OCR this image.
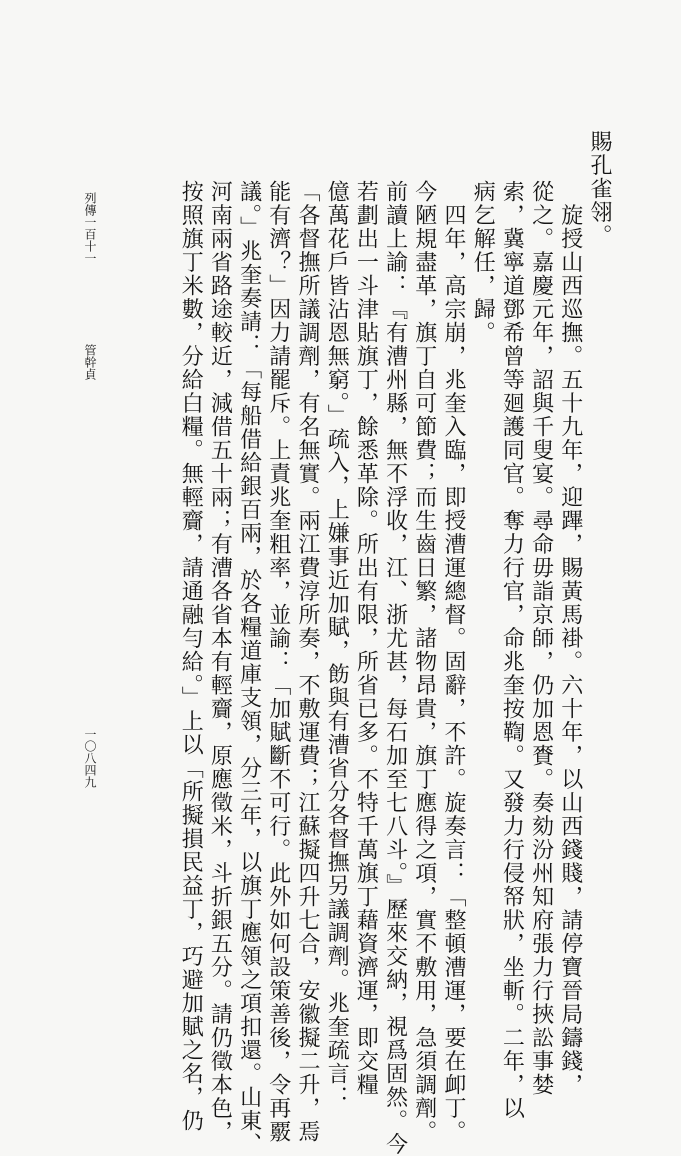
賜孔雀翎。

　旋授山西巡撫。五十九年，迎蹕，賜黃馬褂。六十年，以山西錢賤，請停寶晉局鑄錢，

從之。嘉慶元年，詔與千叟宴。尋命毋詣京師，仍加恩賚。奏劾汾州知府張力行挾訟事婪

索，冀寧道鄧希曾等廻護同官。奪力行官，命兆奎按鞫。又發力行侵帑狀，坐斬。二年，以

病乞解任，歸。

　四年，高宗崩，兆奎入臨，即授漕運總督。固辭，不許。旋奏言：「整頓漕運，要在卹丁。

今陋規盡革，旗丁自可節費；而生齒日繁，諸物昂貴，旗丁應得之項，實不敷用，急須調劑。

前讀上諭：『有漕州縣，無不浮收，江、浙尤甚，每石加至七八斗。』歷來交納，視爲固然。今

若劃出一斗津貼旗丁，餘悉革除。所出有限，所省已多。不特千萬旗丁藉資濟運，即交糧

億萬花戶皆沾恩無窮。」疏入，上嫌事近加賦，飭與有漕省分各督撫另議調劑。兆奎疏言：

「各督撫所議調劑，有名無實。兩江費淳所奏，不敷運費；江蘇擬四升七合，安徽擬二升，焉

能有濟？」因力請罷斥。上責兆奎粗率，並諭：「加賦斷不可行。此外如何設策善後，令再覈

議。」兆奎奏請：「每船借給銀百兩，於各糧道庫支領，分三年，以旗丁應領之項扣還。山東、

河南兩省路途較近，減借五十兩；有漕各省本有輕齎，原應徵米，斗折銀五分。請仍徵本色，

按照旗丁米數，分給白糧。無輕齎，請通融勻給。」上以「所擬損民益丁，巧避加賦之名，仍

列傳一百十一
管幹貞
一〇八四九
